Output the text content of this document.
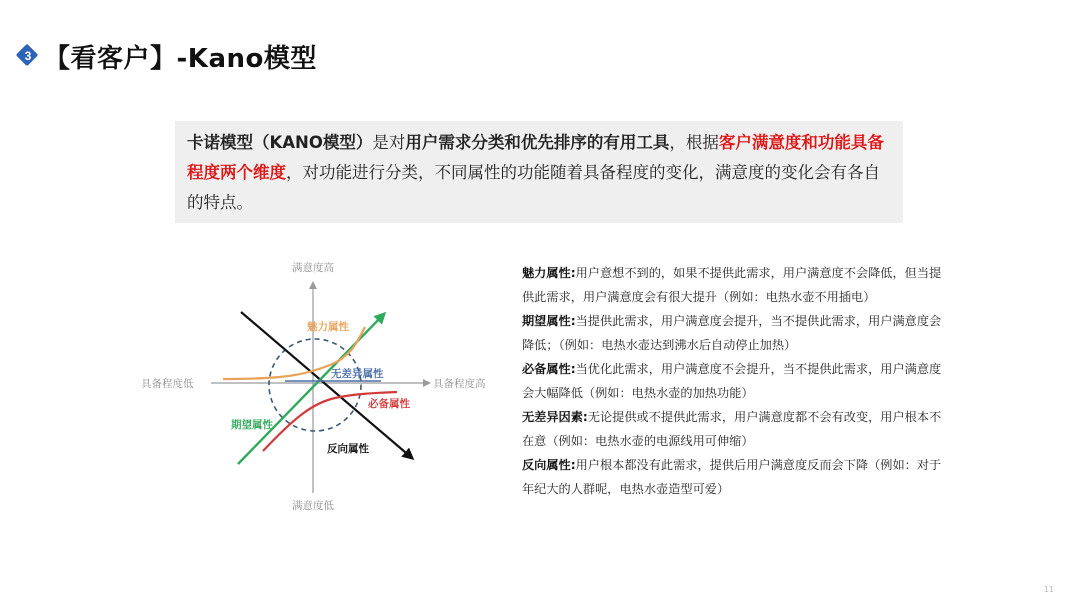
3 【看客户】-Kano模型
卡诺模型（KANO模型）是对用户需求分类和优先排序的有用工具，根据客户满意度和功能具备程度两个维度，对功能进行分类，不同属性的功能随着具备程度的变化，满意度的变化会有各自的特点。
满意度高
满意度低
具备程度低	具备程度高
魅力属性
无差异属性
必备属性
期望属性
反向属性
魅力属性:用户意想不到的，如果不提供此需求，用户满意度不会降低，但当提供此需求，用户满意度会有很大提升（例如：电热水壶不用插电）
期望属性:当提供此需求，用户满意度会提升，当不提供此需求，用户满意度会降低；（例如：电热水壶达到沸水后自动停止加热）
必备属性:当优化此需求，用户满意度不会提升，当不提供此需求，用户满意度会大幅降低（例如：电热水壶的加热功能）
无差异因素:无论提供或不提供此需求，用户满意度都不会有改变，用户根本不在意（例如：电热水壶的电源线用可伸缩）
反向属性:用户根本都没有此需求，提供后用户满意度反而会下降（例如：对于年纪大的人群呢，电热水壶造型可爱）
11
